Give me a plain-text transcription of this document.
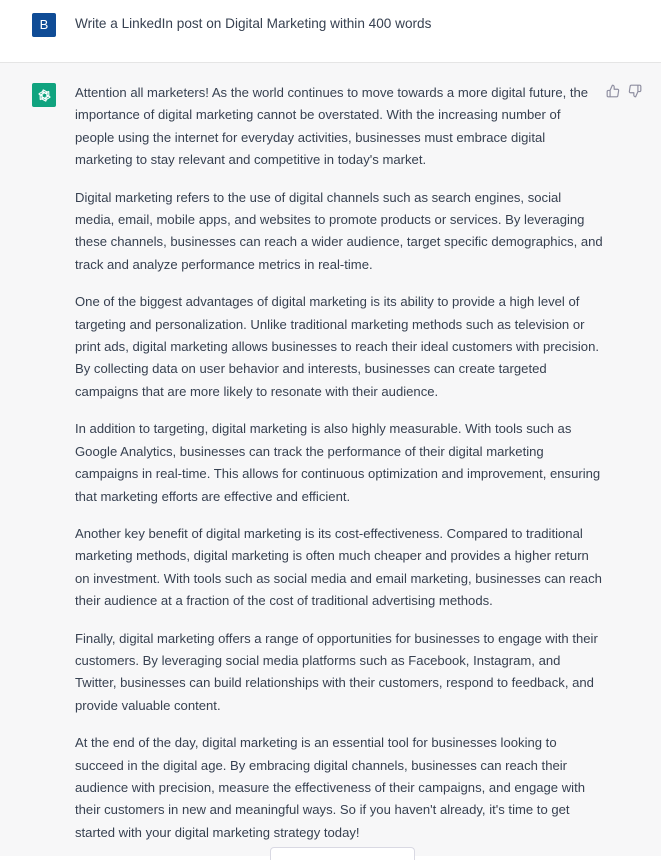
B	Write a LinkedIn post on Digital Marketing within 400 words

Attention all marketers! As the world continues to move towards a more digital future, the importance of digital marketing cannot be overstated. With the increasing number of people using the internet for everyday activities, businesses must embrace digital marketing to stay relevant and competitive in today's market.

Digital marketing refers to the use of digital channels such as search engines, social media, email, mobile apps, and websites to promote products or services. By leveraging these channels, businesses can reach a wider audience, target specific demographics, and track and analyze performance metrics in real-time.

One of the biggest advantages of digital marketing is its ability to provide a high level of targeting and personalization. Unlike traditional marketing methods such as television or print ads, digital marketing allows businesses to reach their ideal customers with precision. By collecting data on user behavior and interests, businesses can create targeted campaigns that are more likely to resonate with their audience.

In addition to targeting, digital marketing is also highly measurable. With tools such as Google Analytics, businesses can track the performance of their digital marketing campaigns in real-time. This allows for continuous optimization and improvement, ensuring that marketing efforts are effective and efficient.

Another key benefit of digital marketing is its cost-effectiveness. Compared to traditional marketing methods, digital marketing is often much cheaper and provides a higher return on investment. With tools such as social media and email marketing, businesses can reach their audience at a fraction of the cost of traditional advertising methods.

Finally, digital marketing offers a range of opportunities for businesses to engage with their customers. By leveraging social media platforms such as Facebook, Instagram, and Twitter, businesses can build relationships with their customers, respond to feedback, and provide valuable content.

At the end of the day, digital marketing is an essential tool for businesses looking to succeed in the digital age. By embracing digital channels, businesses can reach their audience with precision, measure the effectiveness of their campaigns, and engage with their customers in new and meaningful ways. So if you haven't already, it's time to get started with your digital marketing strategy today!
